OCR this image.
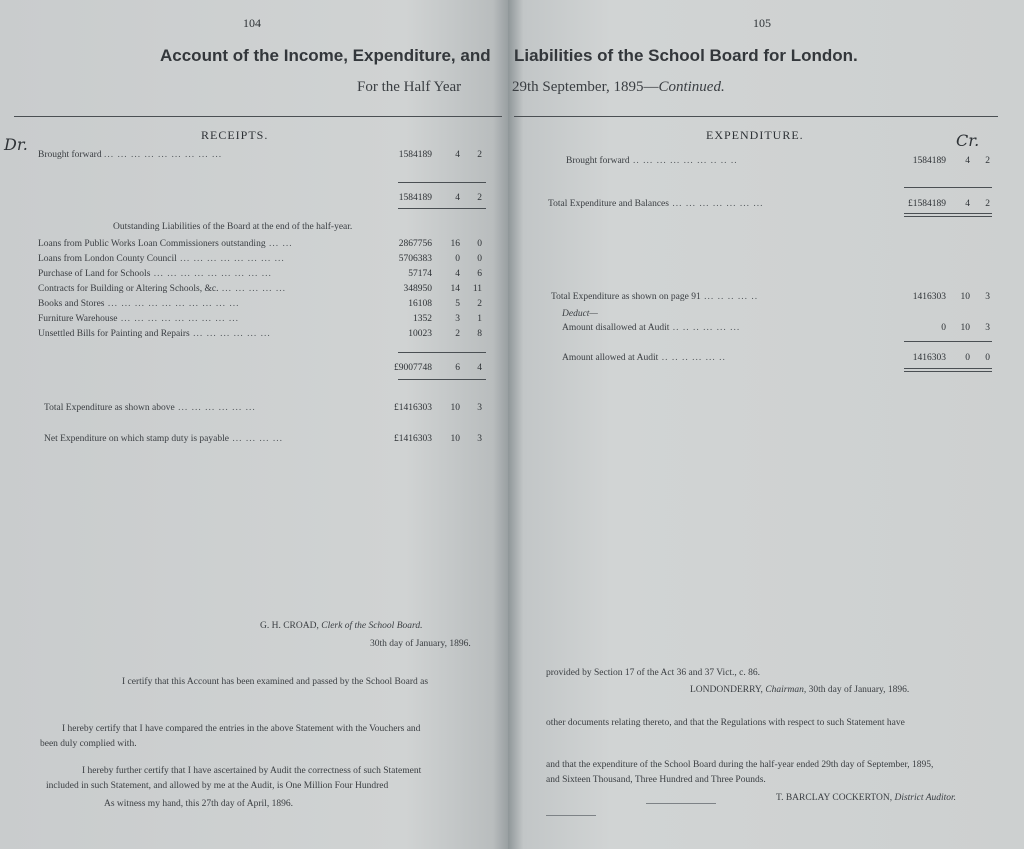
104
Account of the Income, Expenditure, and
For the Half Year
Dr.	RECEIPTS.
Brought forward ... ... ... ... ... ... ... ... ...	1584189	4	2
1584189	4	2
Outstanding Liabilities of the Board at the end of the half-year.
Loans from Public Works Loan Commissioners outstanding ... ...	2867756	16	0
Loans from London County Council ... ... ... ... ... ... ... ...	5706383	0	0
Purchase of Land for Schools ... ... ... ... ... ... ... ... ...	57174	4	6
Contracts for Building or Altering Schools, &c. ... ... ... ... ...	348950	14	11
Books and Stores ... ... ... ... ... ... ... ... ... ...	16108	5	2
Furniture Warehouse ... ... ... ... ... ... ... ... ...	1352	3	1
Unsettled Bills for Painting and Repairs ... ... ... ... ... ...	10023	2	8
£9007748	6	4
Total Expenditure as shown above ... ... ... ... ... ...	£1416303	10	3
Net Expenditure on which stamp duty is payable ... ... ... ...	£1416303	10	3
G. H. CROAD, Clerk of the School Board.
30th day of January, 1896.
I certify that this Account has been examined and passed by the School Board as
I hereby certify that I have compared the entries in the above Statement with the Vouchers and
been duly complied with.
I hereby further certify that I have ascertained by Audit the correctness of such Statement
included in such Statement, and allowed by me at the Audit, is One Million Four Hundred
As witness my hand, this 27th day of April, 1896.
105
Liabilities of the School Board for London.
29th September, 1895—Continued.
EXPENDITURE.	Cr.
Brought forward .. ... ... ... ... ... .. .. ..	1584189	4	2
Total Expenditure and Balances ... ... ... ... ... ... ...	£1584189	4	2
Total Expenditure as shown on page 91 ... .. .. ... ..	1416303	10	3
Deduct—
Amount disallowed at Audit .. .. .. ... ... ...	0	10	3
Amount allowed at Audit .. .. .. ... ... ..	1416303	0	0
provided by Section 17 of the Act 36 and 37 Vict., c. 86.
LONDONDERRY, Chairman, 30th day of January, 1896.
other documents relating thereto, and that the Regulations with respect to such Statement have
and that the expenditure of the School Board during the half-year ended 29th day of September, 1895,
and Sixteen Thousand, Three Hundred and Three Pounds.
T. BARCLAY COCKERTON, District Auditor.
